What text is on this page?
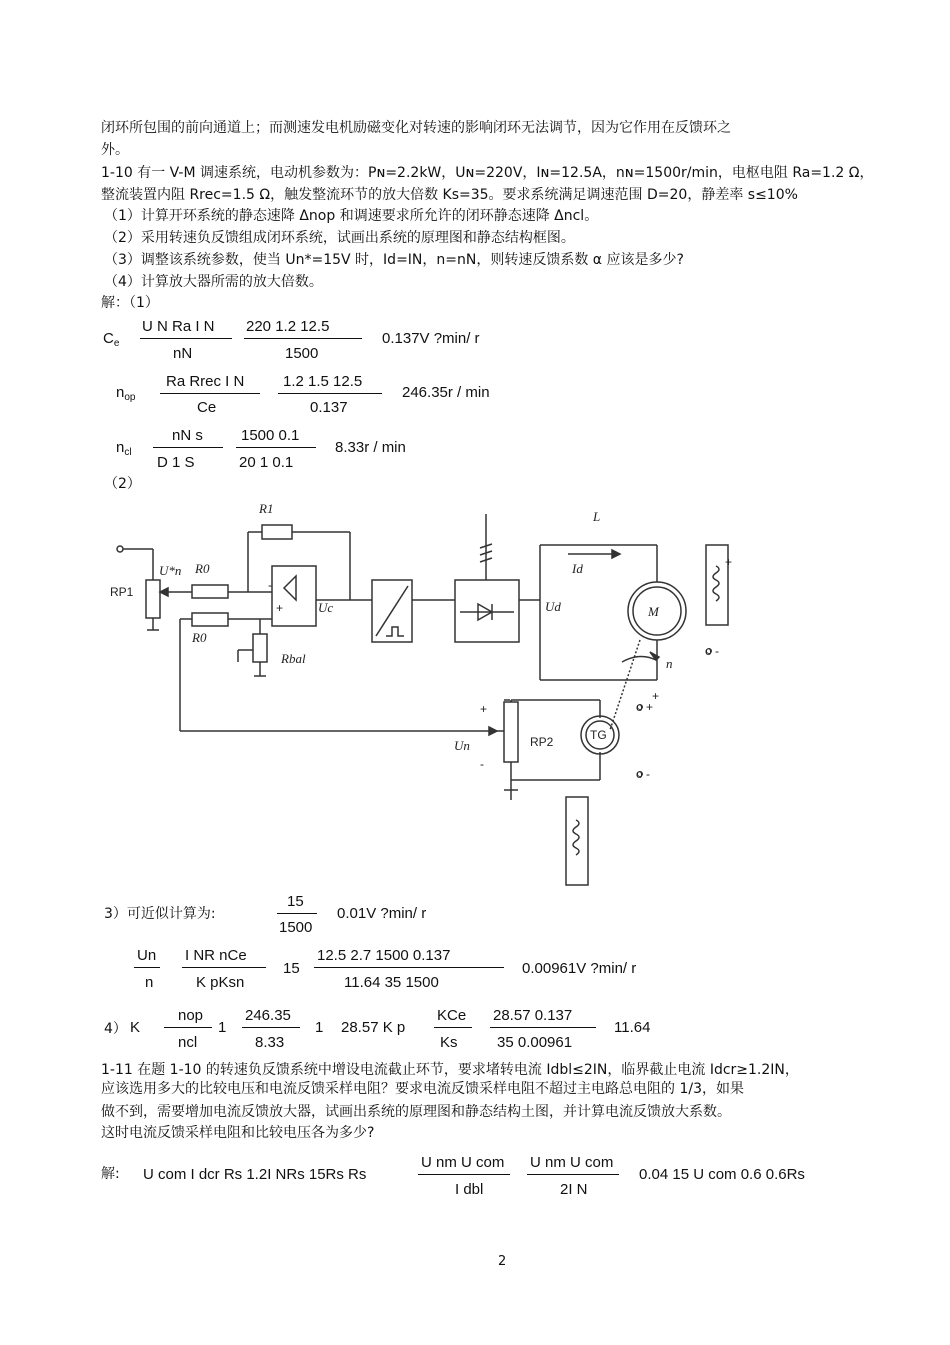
闭环所包围的前向通道上；而测速发电机励磁变化对转速的影响闭环无法调节，因为它作用在反馈环之
外。
1-10 有一 V-M 调速系统，电动机参数为：Pɴ=2.2kW，Uɴ=220V，Iɴ=12.5A，nɴ=1500r/min，电枢电阻 Ra=1.2 Ω，
整流装置内阻 Rrec=1.5 Ω，触发整流环节的放大倍数 Ks=35。要求系统满足调速范围 D=20，静差率 s≤10%
（1）计算开环系统的静态速降 Δnop 和调速要求所允许的闭环静态速降 Δncl。
（2）采用转速负反馈组成闭环系统，试画出系统的原理图和静态结构框图。
（3）调整该系统参数，使当 Un*=15V 时，Id=IN，n=nN，则转速反馈系数 α 应该是多少?
（4）计算放大器所需的放大倍数。
解：（1）
$C_e$
U N Ra I N
nN
220 1.2 12.5
1500
0.137V ?min/ r
$n_{op}$
Ra Rrec I N
Ce
1.2 1.5 12.5
0.137
246.35r / min
$n_{cl}$
nN s
D 1 S
1500 0.1
20 1 0.1
8.33r / min
（2）
R1
R0
R0
U*n
RP1	-
+	Uc
Rbal
L
Id
Ud	M
n
+
o -
+
o +
+
Un
-
RP2	TG
o -
3）可近似计算为:
15
1500
0.01V ?min/ r
Un
n
I NR nCe
K pKsn
15
12.5 2.7 1500 0.137
11.64 35 1500
0.00961V ?min/ r
4） K
nop
ncl
1
246.35
8.33
1 28.57 K p
KCe
Ks
28.57 0.137
35 0.00961
11.64
1-11 在题 1-10 的转速负反馈系统中增设电流截止环节，要求堵转电流 Idbl≤2IN，临界截止电流 Idcr≥1.2IN，
应该选用多大的比较电压和电流反馈采样电阻？要求电流反馈采样电阻不超过主电路总电阻的 1/3，如果
做不到，需要增加电流反馈放大器，试画出系统的原理图和静态结构土图，并计算电流反馈放大系数。
这时电流反馈采样电阻和比较电压各为多少?
解: U com I dcr Rs 1.2I NRs 15Rs Rs
U nm U com
I dbl
U nm U com
2I N
0.04 15 U com 0.6 0.6Rs
2
